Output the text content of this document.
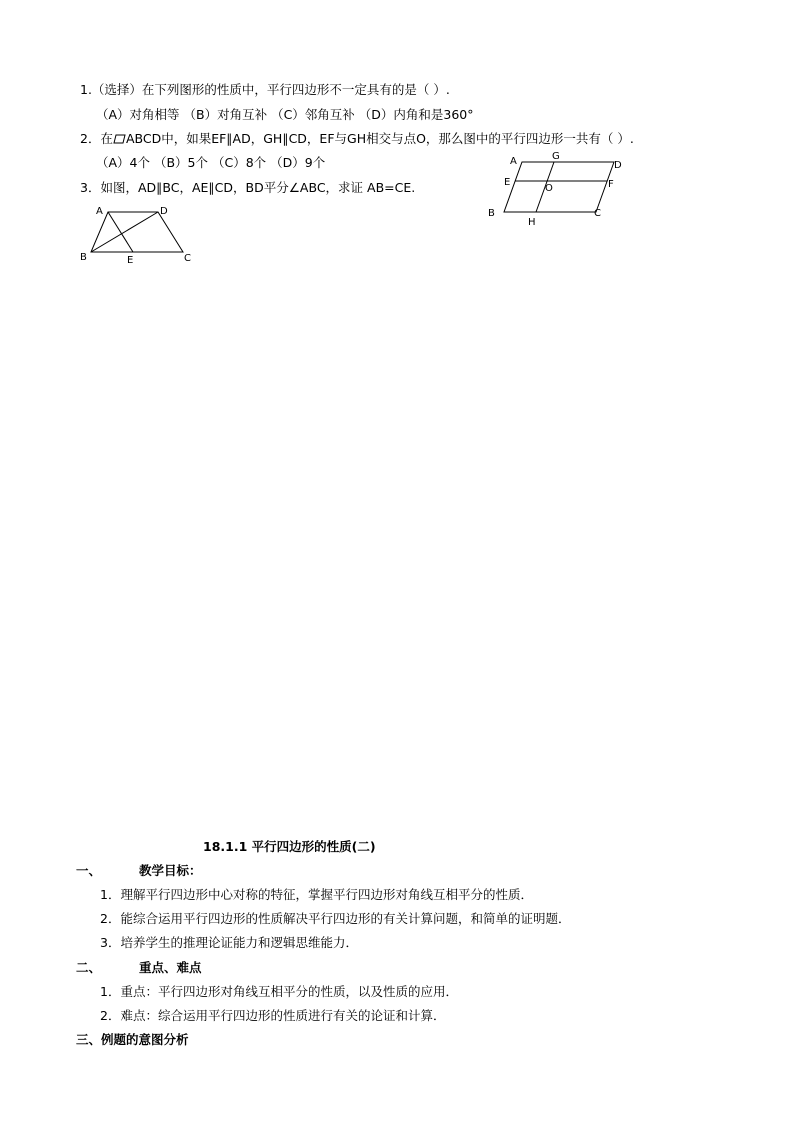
1.（选择）在下列图形的性质中，平行四边形不一定具有的是（ ）.
（A）对角相等 （B）对角互补 （C）邻角互补 （D）内角和是360°
2．在 ABCD中，如果EF∥AD，GH∥CD，EF与GH相交与点O，那么图中的平行四边形一共有（ ）.
（A）4个 （B）5个 （C）8个 （D）9个
3．如图，AD∥BC，AE∥CD，BD平分∠ABC，求证 AB=CE.
A	G
D
E
O	F
B
H
C
A	D
B	E	C
18.1.1 平行四边形的性质(二)
一、	教学目标：
1．理解平行四边形中心对称的特征，掌握平行四边形对角线互相平分的性质．
2．能综合运用平行四边形的性质解决平行四边形的有关计算问题，和简单的证明题．
3．培养学生的推理论证能力和逻辑思维能力．
二、	重点、难点
1．重点：平行四边形对角线互相平分的性质，以及性质的应用．
2．难点：综合运用平行四边形的性质进行有关的论证和计算．
三、例题的意图分析
